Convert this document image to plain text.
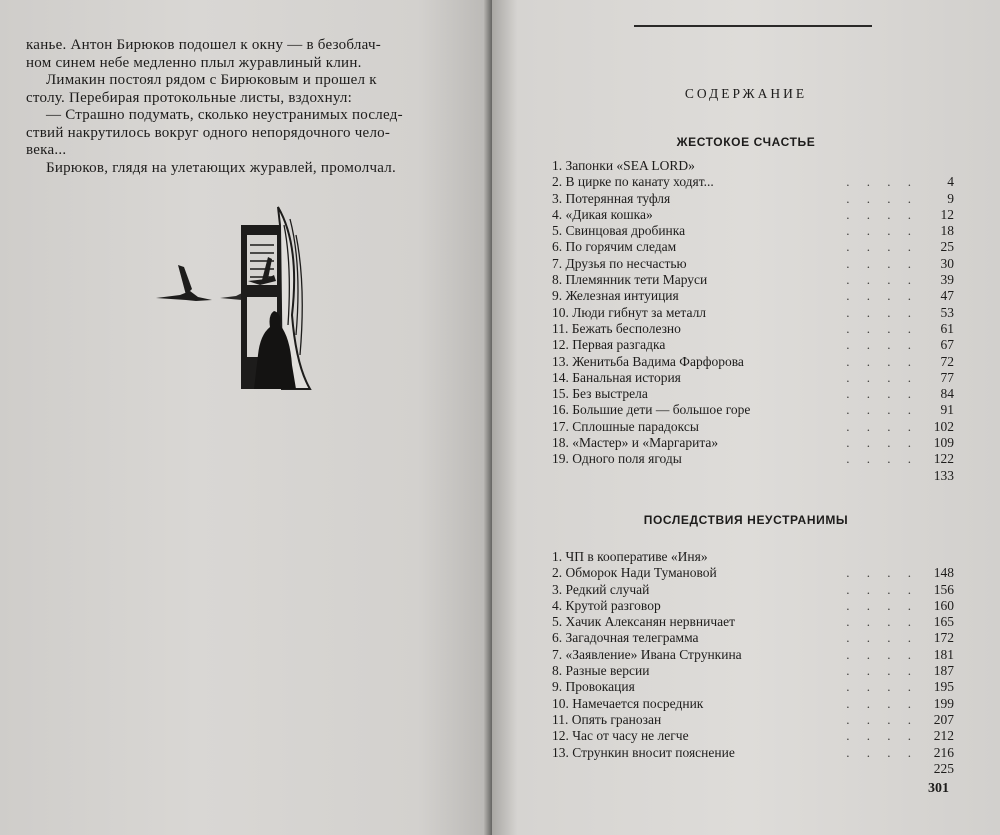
канье. Антон Бирюков подошел к окну — в безоблач-

ном синем небе медленно плыл журавлиный клин.

Лимакин постоял рядом с Бирюковым и прошел к

столу. Перебирая протокольные листы, вздохнул:

— Страшно подумать, сколько неустранимых послед-

ствий накрутилось вокруг одного непорядочного чело-

века...

Бирюков, глядя на улетающих журавлей, промолчал.

СОДЕРЖАНИЕ
ЖЕСТОКОЕ СЧАСТЬЕ
1. Запонки «SEA LORD»
2. В цирке по канату ходят...	. . . .	4
3. Потерянная туфля	. . . .	9
4. «Дикая кошка»	. . . .	12
5. Свинцовая дробинка	. . . .	18
6. По горячим следам	. . . .	25
7. Друзья по несчастью	. . . .	30
8. Племянник тети Маруси	. . . .	39
9. Железная интуиция	. . . .	47
10. Люди гибнут за металл	. . . .	53
11. Бежать бесполезно	. . . .	61
12. Первая разгадка	. . . .	67
13. Женитьба Вадима Фарфорова	. . . .	72
14. Банальная история	. . . .	77
15. Без выстрела	. . . .	84
16. Большие дети — большое горе	. . . .	91
17. Сплошные парадоксы	. . . .	102
18. «Мастер» и «Маргарита»	. . . .	109
19. Одного поля ягоды	. . . .	122
133
ПОСЛЕДСТВИЯ НЕУСТРАНИМЫ
1. ЧП в кооперативе «Иня»
2. Обморок Нади Тумановой	. . . .	148
3. Редкий случай	. . . .	156
4. Крутой разговор	. . . .	160
5. Хачик Алексанян нервничает	. . . .	165
6. Загадочная телеграмма	. . . .	172
7. «Заявление» Ивана Стрункина	. . . .	181
8. Разные версии	. . . .	187
9. Провокация	. . . .	195
10. Намечается посредник	. . . .	199
11. Опять гранозан	. . . .	207
12. Час от часу не легче	. . . .	212
13. Стрункин вносит пояснение	. . . .	216
225
301
